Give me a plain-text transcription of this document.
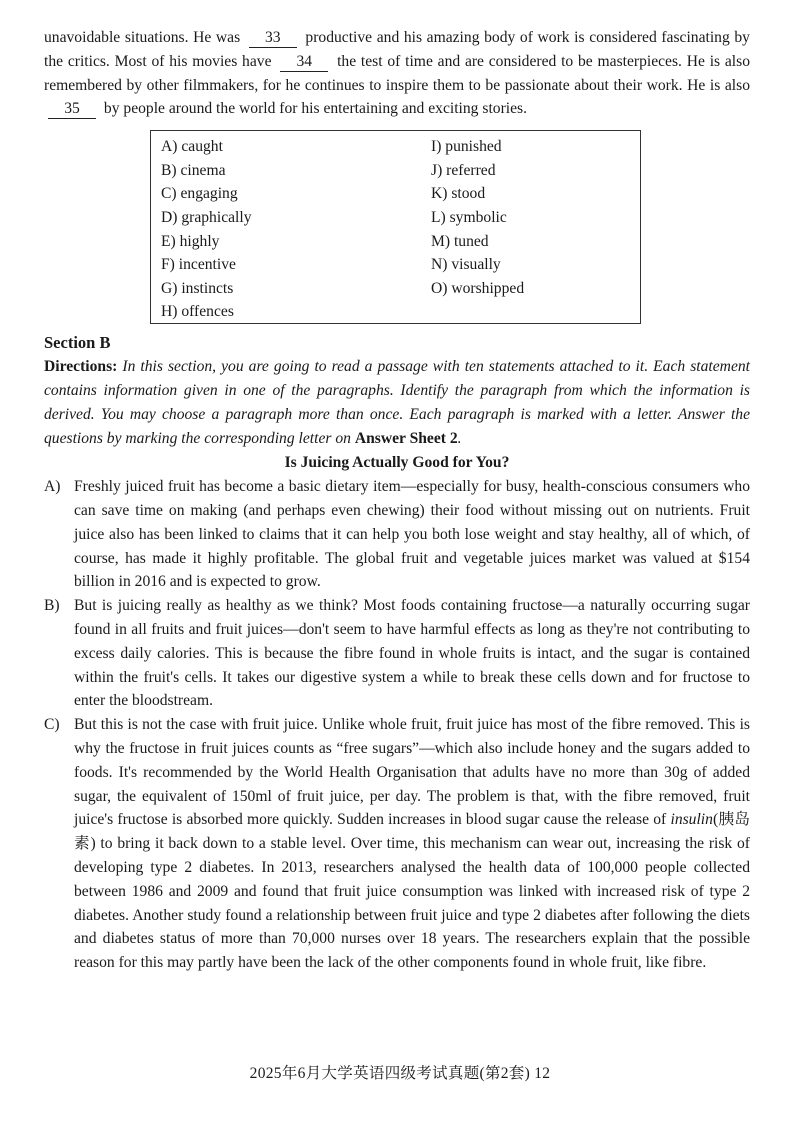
unavoidable situations. He was 33 productive and his amazing body of work is considered fascinating by the critics. Most of his movies have 34 the test of time and are considered to be masterpieces. He is also remembered by other filmmakers, for he continues to inspire them to be passionate about their work. He is also 35 by people around the world for his entertaining and exciting stories.

A) caught
B) cinema
C) engaging
D) graphically
E) highly
F) incentive
G) instincts
H) offences
I) punished
J) referred
K) stood
L) symbolic
M) tuned
N) visually
O) worshipped
Section B

Directions: In this section, you are going to read a passage with ten statements attached to it. Each statement contains information given in one of the paragraphs. Identify the paragraph from which the information is derived. You may choose a paragraph more than once. Each paragraph is marked with a letter. Answer the questions by marking the corresponding letter on Answer Sheet 2.

Is Juicing Actually Good for You?
A) Freshly juiced fruit has become a basic dietary item—especially for busy, health-conscious consumers who can save time on making (and perhaps even chewing) their food without missing out on nutrients. Fruit juice also has been linked to claims that it can help you both lose weight and stay healthy, all of which, of course, has made it highly profitable. The global fruit and vegetable juices market was valued at $154 billion in 2016 and is expected to grow.
B) But is juicing really as healthy as we think? Most foods containing fructose—a naturally occurring sugar found in all fruits and fruit juices—don't seem to have harmful effects as long as they're not contributing to excess daily calories. This is because the fibre found in whole fruits is intact, and the sugar is contained within the fruit's cells. It takes our digestive system a while to break these cells down and for fructose to enter the bloodstream.
C) But this is not the case with fruit juice. Unlike whole fruit, fruit juice has most of the fibre removed. This is why the fructose in fruit juices counts as “free sugars”—which also include honey and the sugars added to foods. It's recommended by the World Health Organisation that adults have no more than 30g of added sugar, the equivalent of 150ml of fruit juice, per day. The problem is that, with the fibre removed, fruit juice's fructose is absorbed more quickly. Sudden increases in blood sugar cause the release of insulin(胰岛素) to bring it back down to a stable level. Over time, this mechanism can wear out, increasing the risk of developing type 2 diabetes. In 2013, researchers analysed the health data of 100,000 people collected between 1986 and 2009 and found that fruit juice consumption was linked with increased risk of type 2 diabetes. Another study found a relationship between fruit juice and type 2 diabetes after following the diets and diabetes status of more than 70,000 nurses over 18 years. The researchers explain that the possible reason for this may partly have been the lack of the other components found in whole fruit, like fibre.
2025年6月大学英语四级考试真题(第2套) 12
